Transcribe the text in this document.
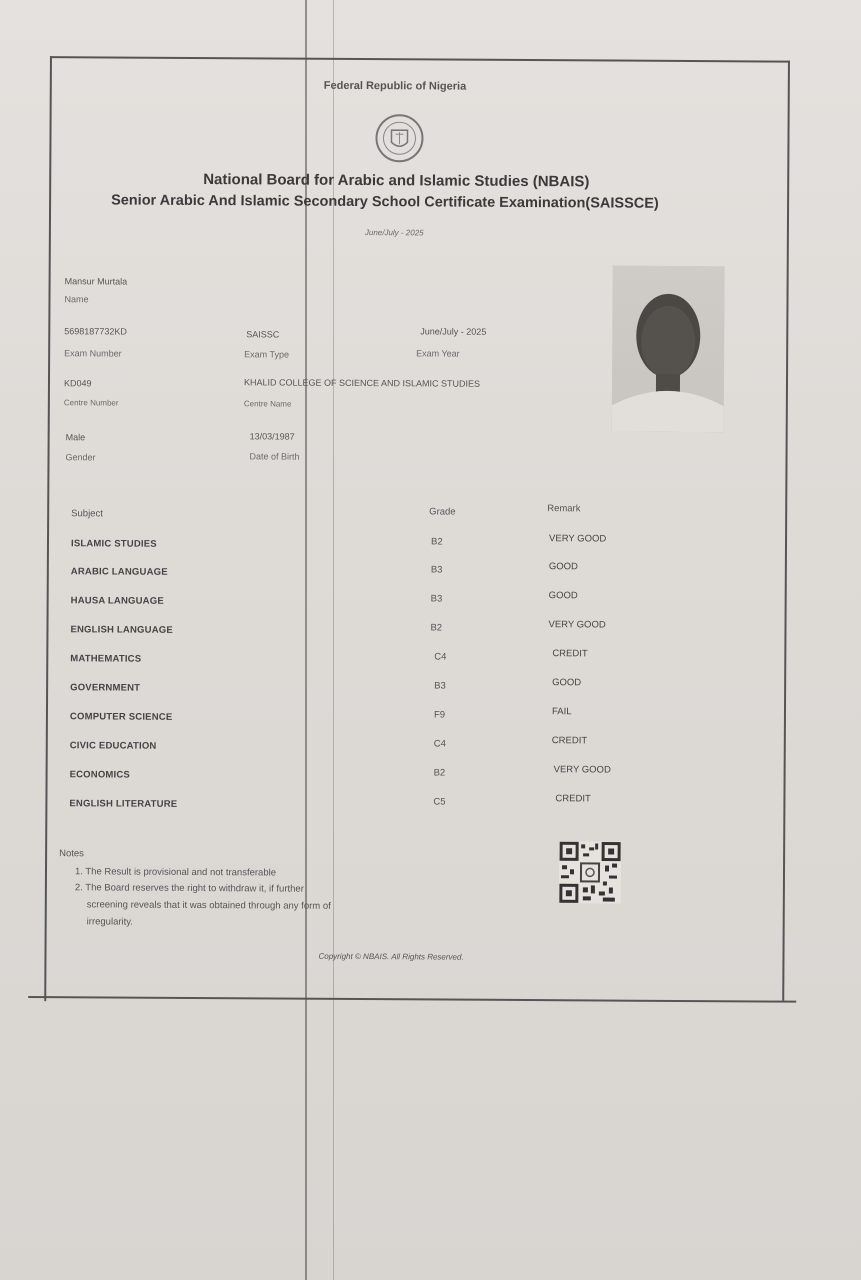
Federal Republic of Nigeria
National Board for Arabic and Islamic Studies (NBAIS)
Senior Arabic And Islamic Secondary School Certificate Examination(SAISSCE)
June/July - 2025
Mansur Murtala
Name
5698187732KD
Exam Number
SAISSC
Exam Type
June/July - 2025
Exam Year
KD049
Centre Number
KHALID COLLEGE OF SCIENCE AND ISLAMIC STUDIES
Centre Name
Male
Gender
13/03/1987
Date of Birth
Subject	Grade	Remark
ISLAMIC STUDIES	B2	VERY GOOD
ARABIC LANGUAGE	B3	GOOD
HAUSA LANGUAGE	B3	GOOD
ENGLISH LANGUAGE	B2	VERY GOOD
MATHEMATICS	C4	CREDIT
GOVERNMENT	B3	GOOD
COMPUTER SCIENCE	F9	FAIL
CIVIC EDUCATION	C4	CREDIT
ECONOMICS	B2	VERY GOOD
ENGLISH LITERATURE	C5	CREDIT
Notes
1. The Result is provisional and not transferable
2. The Board reserves the right to withdraw it, if further
screening reveals that it was obtained through any form of
irregularity.
Copyright © NBAIS. All Rights Reserved.
